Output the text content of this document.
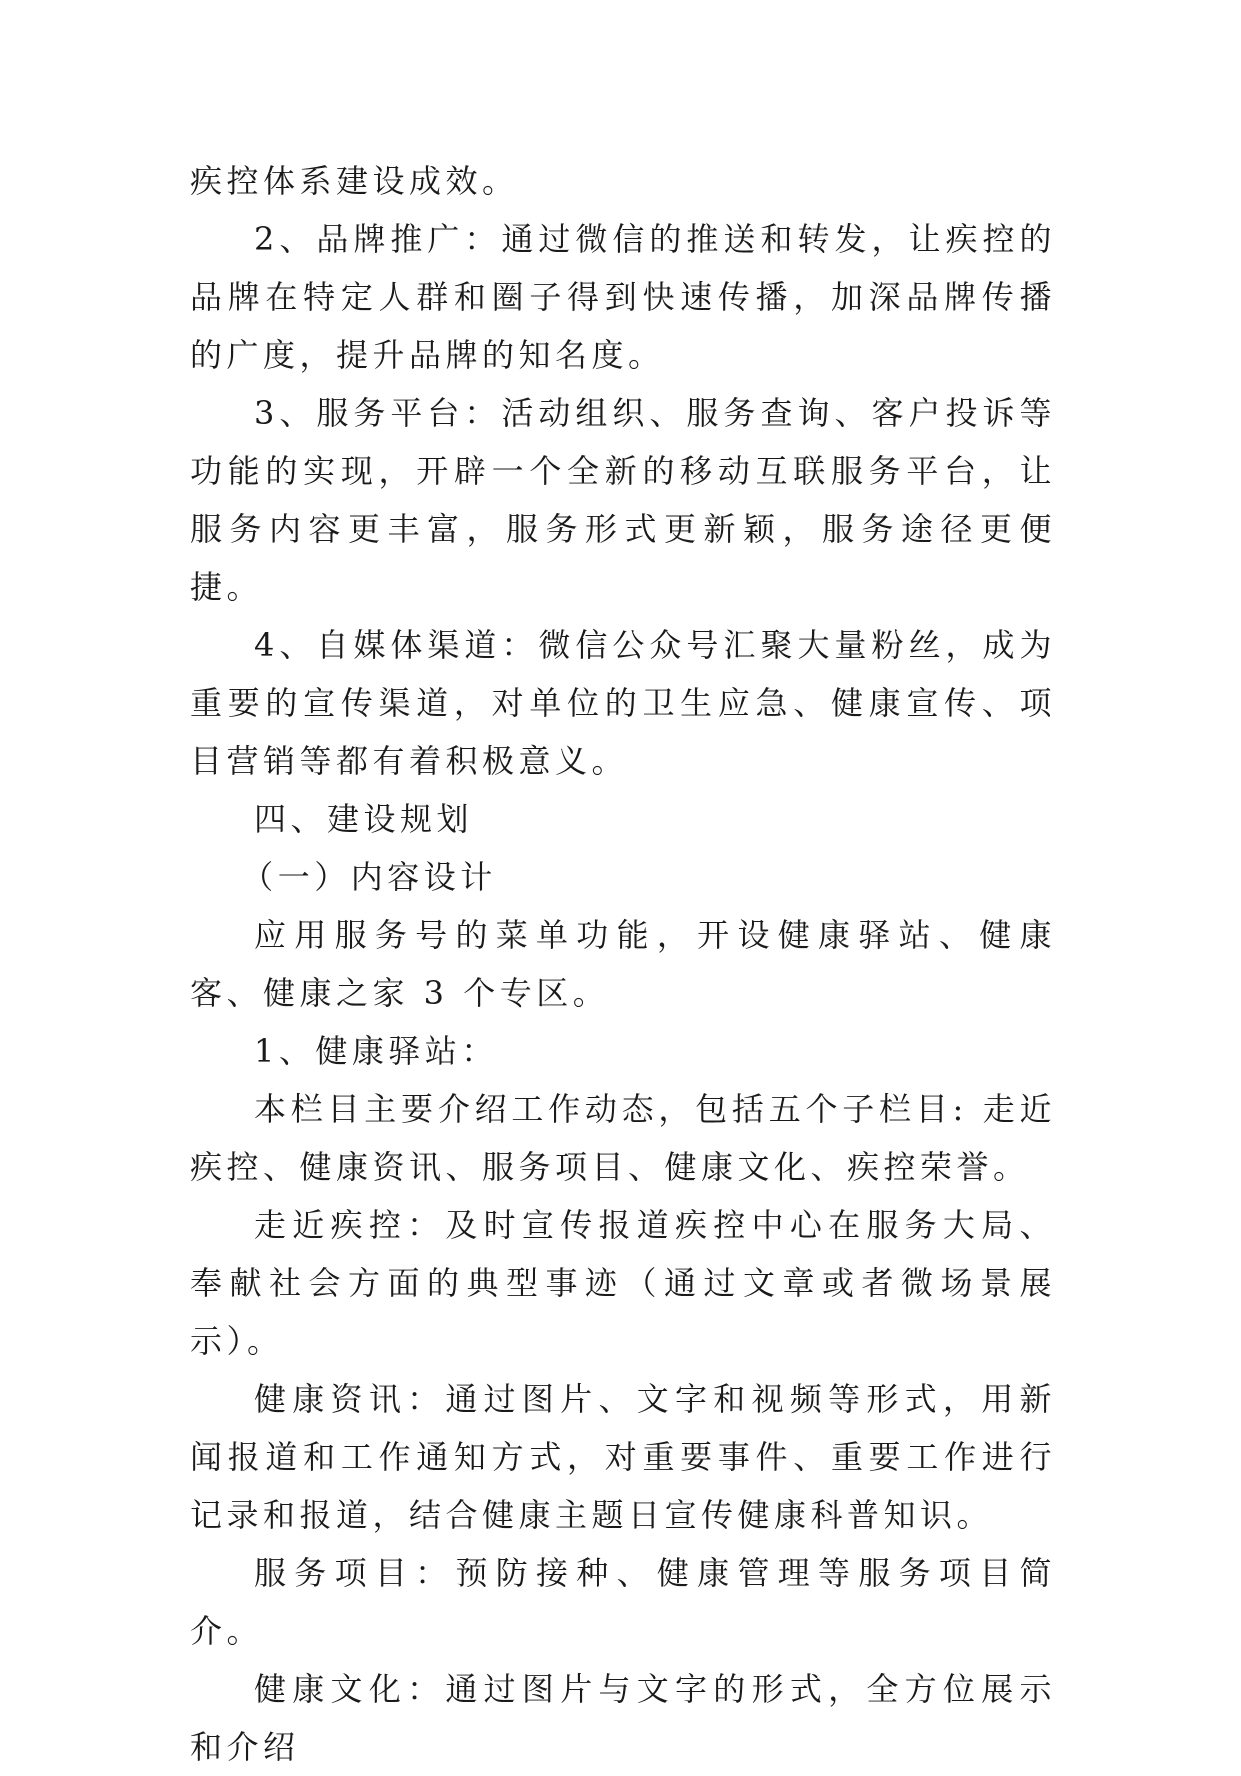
疾控体系建设成效。

2、品牌推广：通过微信的推送和转发，让疾控的品牌在特定人群和圈子得到快速传播，加深品牌传播的广度，提升品牌的知名度。

3、服务平台：活动组织、服务查询、客户投诉等功能的实现，开辟一个全新的移动互联服务平台，让服务内容更丰富，服务形式更新颖，服务途径更便捷。

4、自媒体渠道：微信公众号汇聚大量粉丝，成为重要的宣传渠道，对单位的卫生应急、健康宣传、项目营销等都有着积极意义。

四、建设规划

（一）内容设计

应用服务号的菜单功能，开设健康驿站、健康客、健康之家 3 个专区。

1、健康驿站：

本栏目主要介绍工作动态，包括五个子栏目: 走近疾控、健康资讯、服务项目、健康文化、疾控荣誉。

走近疾控：及时宣传报道疾控中心在服务大局、奉献社会方面的典型事迹（通过文章或者微场景展示）。

健康资讯：通过图片、文字和视频等形式，用新闻报道和工作通知方式，对重要事件、重要工作进行记录和报道，结合健康主题日宣传健康科普知识。

服务项目：预防接种、健康管理等服务项目简介。

健康文化：通过图片与文字的形式，全方位展示和介绍
